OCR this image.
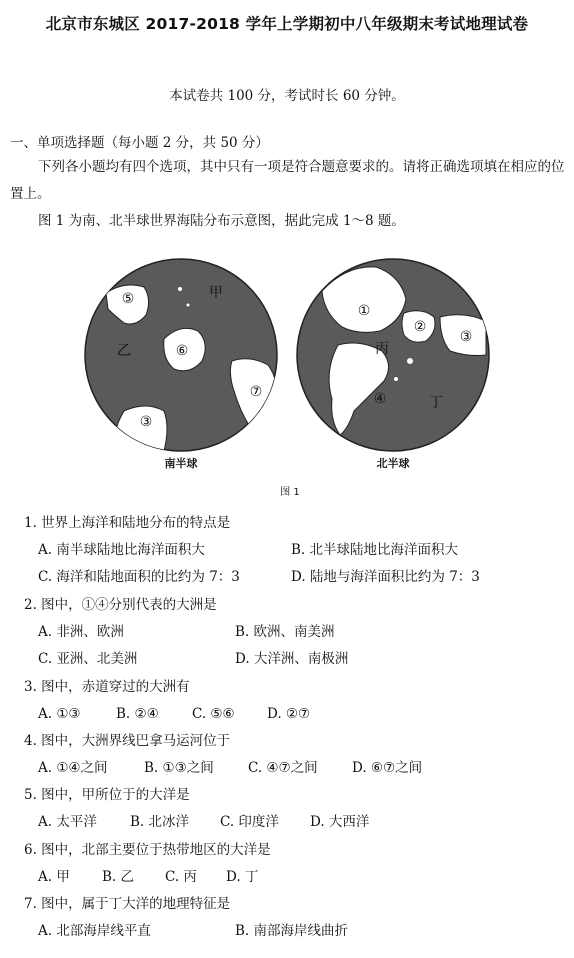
北京市东城区 2017-2018 学年上学期初中八年级期末考试地理试卷
本试卷共 100 分，考试时长 60 分钟。
一、单项选择题（每小题 2 分，共 50 分）
下列各小题均有四个选项，其中只有一项是符合题意要求的。请将正确选项填在相应的位置上。
图 1 为南、北半球世界海陆分布示意图，据此完成 1～8 题。
⑤
⑥
⑦
③
甲
乙
①
②
③
④
丙
丁
南半球	北半球
图 1
1. 世界上海洋和陆地分布的特点是
A. 南半球陆地比海洋面积大	B. 北半球陆地比海洋面积大
C. 海洋和陆地面积的比约为 7：3	D. 陆地与海洋面积比约为 7：3
2. 图中，①④分别代表的大洲是
A. 非洲、欧洲	B. 欧洲、南美洲
C. 亚洲、北美洲	D. 大洋洲、南极洲
3. 图中，赤道穿过的大洲有
A. ①③	B. ②④ C. ⑤⑥ D. ②⑦
4. 图中，大洲界线巴拿马运河位于
A. ①④之间	B. ①③之间	C. ④⑦之间	D. ⑥⑦之间
5. 图中，甲所位于的大洋是
A. 太平洋 B. 北冰洋 C. 印度洋 D. 大西洋
6. 图中，北部主要位于热带地区的大洋是
A. 甲 B. 乙 C. 丙 D. 丁
7. 图中，属于丁大洋的地理特征是
A. 北部海岸线平直	B. 南部海岸线曲折
